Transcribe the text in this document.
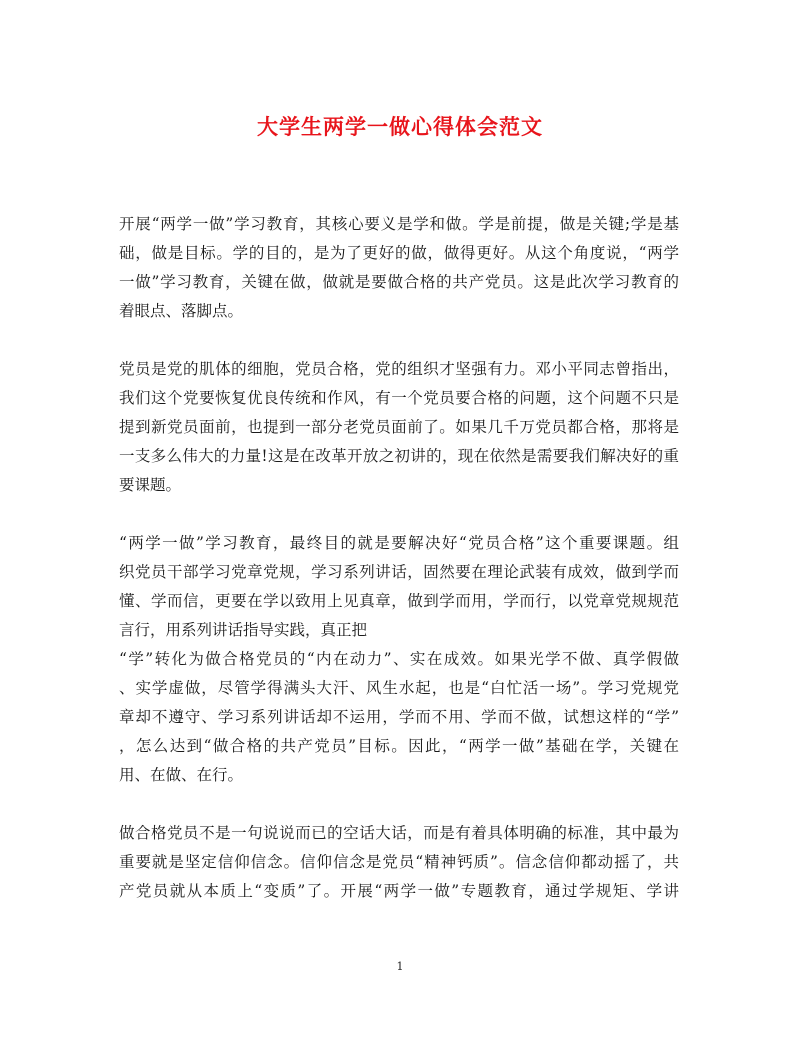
大学生两学一做心得体会范文
开展“两学一做”学习教育，其核心要义是学和做。学是前提，做是关键;学是基
础，做是目标。学的目的，是为了更好的做，做得更好。从这个角度说，“两学
一做”学习教育，关键在做，做就是要做合格的共产党员。这是此次学习教育的
着眼点、落脚点。
党员是党的肌体的细胞，党员合格，党的组织才坚强有力。邓小平同志曾指出，
我们这个党要恢复优良传统和作风，有一个党员要合格的问题，这个问题不只是
提到新党员面前，也提到一部分老党员面前了。如果几千万党员都合格，那将是
一支多么伟大的力量!这是在改革开放之初讲的，现在依然是需要我们解决好的重
要课题。
“两学一做”学习教育，最终目的就是要解决好“党员合格”这个重要课题。组
织党员干部学习党章党规，学习系列讲话，固然要在理论武装有成效，做到学而
懂、学而信，更要在学以致用上见真章，做到学而用，学而行，以党章党规规范
言行，用系列讲话指导实践，真正把
“学”转化为做合格党员的“内在动力”、实在成效。如果光学不做、真学假做
、实学虚做，尽管学得满头大汗、风生水起，也是“白忙活一场”。学习党规党
章却不遵守、学习系列讲话却不运用，学而不用、学而不做，试想这样的“学”
，怎么达到“做合格的共产党员”目标。因此，“两学一做”基础在学，关键在
用、在做、在行。
做合格党员不是一句说说而已的空话大话，而是有着具体明确的标准，其中最为
重要就是坚定信仰信念。信仰信念是党员“精神钙质”。信念信仰都动摇了，共
产党员就从本质上“变质”了。开展“两学一做”专题教育，通过学规矩、学讲
1
